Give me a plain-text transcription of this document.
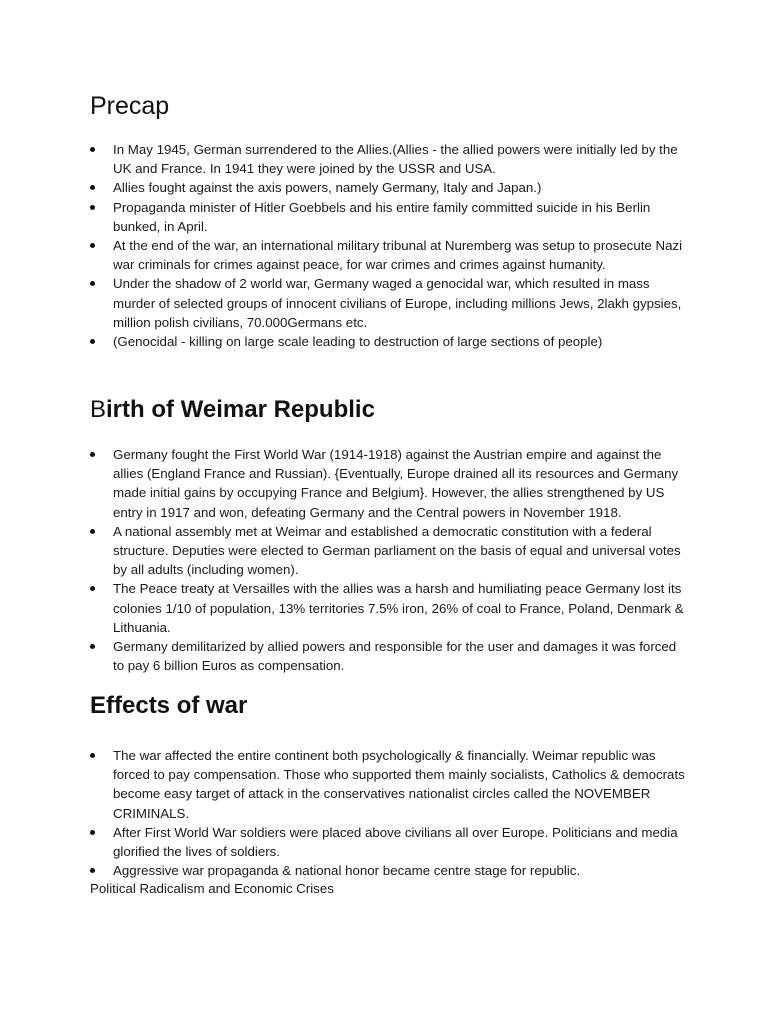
Precap
In May 1945, German surrendered to the Allies.(Allies - the allied powers were initially led by the UK and France. In 1941 they were joined by the USSR and USA.
Allies fought against the axis powers, namely Germany, Italy and Japan.)
Propaganda minister of Hitler Goebbels and his entire family committed suicide in his Berlin bunked, in April.
At the end of the war, an international military tribunal at Nuremberg was setup to prosecute Nazi war criminals for crimes against peace, for war crimes and crimes against humanity.
Under the shadow of 2 world war, Germany waged a genocidal war, which resulted in mass murder of selected groups of innocent civilians of Europe, including millions Jews, 2lakh gypsies, million polish civilians, 70.000Germans etc.
(Genocidal - killing on large scale leading to destruction of large sections of people)
Birth of Weimar Republic
Germany fought the First World War (1914-1918) against the Austrian empire and against the allies (England France and Russian). {Eventually, Europe drained all its resources and Germany made initial gains by occupying France and Belgium}. However, the allies strengthened by US entry in 1917 and won, defeating Germany and the Central powers in November 1918.
A national assembly met at Weimar and established a democratic constitution with a federal structure. Deputies were elected to German parliament on the basis of equal and universal votes by all adults (including women).
The Peace treaty at Versailles with the allies was a harsh and humiliating peace Germany lost its colonies 1/10 of population, 13% territories 7.5% iron, 26% of coal to France, Poland, Denmark & Lithuania.
Germany demilitarized by allied powers and responsible for the user and damages it was forced to pay 6 billion Euros as compensation.
Effects of war
The war affected the entire continent both psychologically & financially. Weimar republic was forced to pay compensation. Those who supported them mainly socialists, Catholics & democrats become easy target of attack in the conservatives nationalist circles called the NOVEMBER CRIMINALS.
After First World War soldiers were placed above civilians all over Europe. Politicians and media glorified the lives of soldiers.
Aggressive war propaganda & national honor became centre stage for republic.
Political Radicalism and Economic Crises
